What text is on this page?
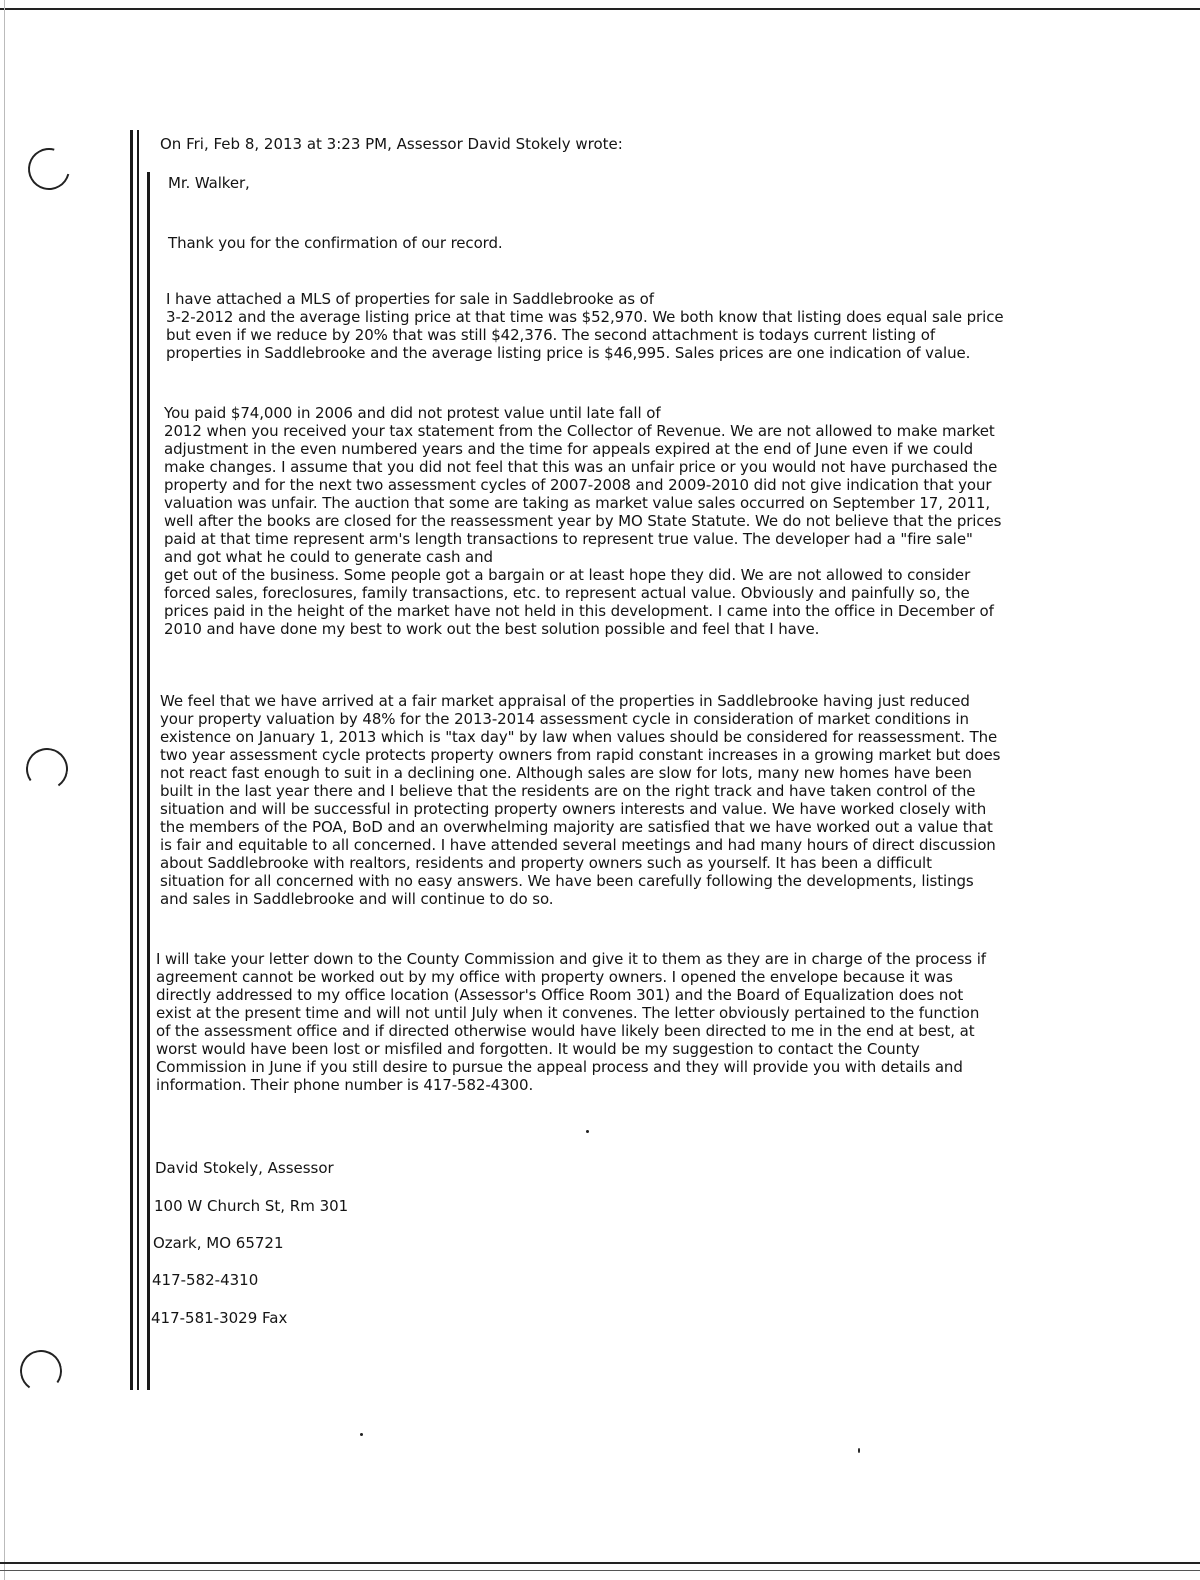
On Fri, Feb 8, 2013 at 3:23 PM, Assessor David Stokely wrote:
Mr. Walker,
Thank you for the confirmation of our record.
I have attached a MLS of properties for sale in Saddlebrooke as of
3-2-2012 and the average listing price at that time was $52,970. We both know that listing does equal sale price
but even if we reduce by 20% that was still $42,376. The second attachment is todays current listing of
properties in Saddlebrooke and the average listing price is $46,995. Sales prices are one indication of value.
You paid $74,000 in 2006 and did not protest value until late fall of
2012 when you received your tax statement from the Collector of Revenue. We are not allowed to make market
adjustment in the even numbered years and the time for appeals expired at the end of June even if we could
make changes. I assume that you did not feel that this was an unfair price or you would not have purchased the
property and for the next two assessment cycles of 2007-2008 and 2009-2010 did not give indication that your
valuation was unfair. The auction that some are taking as market value sales occurred on September 17, 2011,
well after the books are closed for the reassessment year by MO State Statute. We do not believe that the prices
paid at that time represent arm's length transactions to represent true value. The developer had a "fire sale"
and got what he could to generate cash and
get out of the business. Some people got a bargain or at least hope they did. We are not allowed to consider
forced sales, foreclosures, family transactions, etc. to represent actual value. Obviously and painfully so, the
prices paid in the height of the market have not held in this development. I came into the office in December of
2010 and have done my best to work out the best solution possible and feel that I have.
We feel that we have arrived at a fair market appraisal of the properties in Saddlebrooke having just reduced
your property valuation by 48% for the 2013-2014 assessment cycle in consideration of market conditions in
existence on January 1, 2013 which is "tax day" by law when values should be considered for reassessment. The
two year assessment cycle protects property owners from rapid constant increases in a growing market but does
not react fast enough to suit in a declining one. Although sales are slow for lots, many new homes have been
built in the last year there and I believe that the residents are on the right track and have taken control of the
situation and will be successful in protecting property owners interests and value. We have worked closely with
the members of the POA, BoD and an overwhelming majority are satisfied that we have worked out a value that
is fair and equitable to all concerned. I have attended several meetings and had many hours of direct discussion
about Saddlebrooke with realtors, residents and property owners such as yourself. It has been a difficult
situation for all concerned with no easy answers. We have been carefully following the developments, listings
and sales in Saddlebrooke and will continue to do so.
I will take your letter down to the County Commission and give it to them as they are in charge of the process if
agreement cannot be worked out by my office with property owners. I opened the envelope because it was
directly addressed to my office location (Assessor's Office Room 301) and the Board of Equalization does not
exist at the present time and will not until July when it convenes. The letter obviously pertained to the function
of the assessment office and if directed otherwise would have likely been directed to me in the end at best, at
worst would have been lost or misfiled and forgotten. It would be my suggestion to contact the County
Commission in June if you still desire to pursue the appeal process and they will provide you with details and
information. Their phone number is 417-582-4300.
David Stokely, Assessor
100 W Church St, Rm 301
Ozark, MO 65721
417-582-4310
417-581-3029 Fax
